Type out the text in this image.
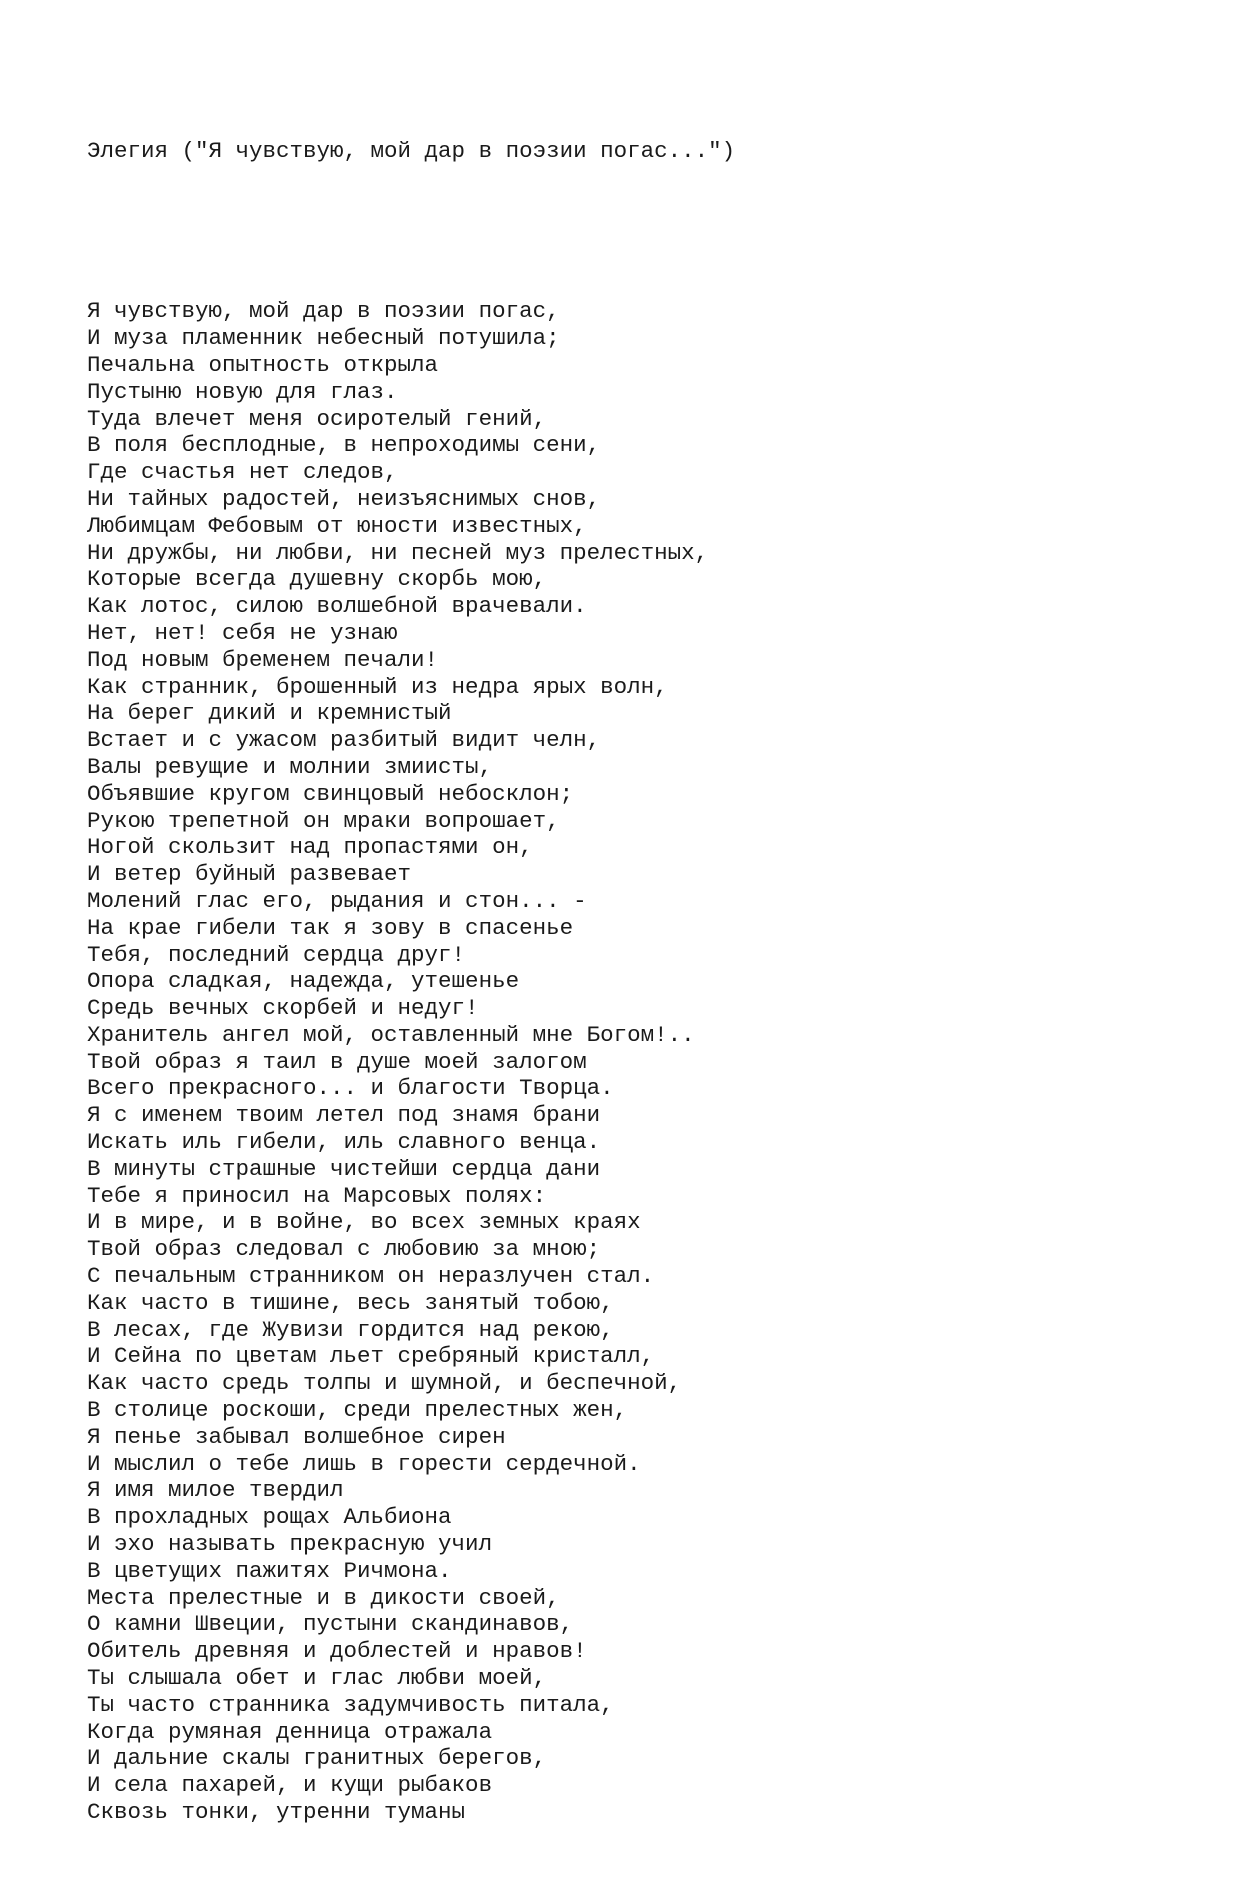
Элегия ("Я чувствую, мой дар в поэзии погас...")

Я чувствую, мой дар в поэзии погас,
И муза пламенник небесный потушила;
Печальна опытность открыла
Пустыню новую для глаз.
Туда влечет меня осиротелый гений,
В поля бесплодные, в непроходимы сени,
Где счастья нет следов,
Ни тайных радостей, неизъяснимых снов,
Любимцам Фебовым от юности известных,
Ни дружбы, ни любви, ни песней муз прелестных,
Которые всегда душевну скорбь мою,
Как лотос, силою волшебной врачевали.
Нет, нет! себя не узнаю
Под новым бременем печали!
Как странник, брошенный из недра ярых волн,
На берег дикий и кремнистый
Встает и с ужасом разбитый видит челн,
Валы ревущие и молнии змиисты,
Объявшие кругом свинцовый небосклон;
Рукою трепетной он мраки вопрошает,
Ногой скользит над пропастями он,
И ветер буйный развевает
Молений глас его, рыдания и стон... -
На крае гибели так я зову в спасенье
Тебя, последний сердца друг!
Опора сладкая, надежда, утешенье
Средь вечных скорбей и недуг!
Хранитель ангел мой, оставленный мне Богом!..
Твой образ я таил в душе моей залогом
Всего прекрасного... и благости Творца.
Я с именем твоим летел под знамя брани
Искать иль гибели, иль славного венца.
В минуты страшные чистейши сердца дани
Тебе я приносил на Марсовых полях:
И в мире, и в войне, во всех земных краях
Твой образ следовал с любовию за мною;
С печальным странником он неразлучен стал.
Как часто в тишине, весь занятый тобою,
В лесах, где Жувизи гордится над рекою,
И Сейна по цветам льет сребряный кристалл,
Как часто средь толпы и шумной, и беспечной,
В столице роскоши, среди прелестных жен,
Я пенье забывал волшебное сирен
И мыслил о тебе лишь в горести сердечной.
Я имя милое твердил
В прохладных рощах Альбиона
И эхо называть прекрасную учил
В цветущих пажитях Ричмона.
Места прелестные и в дикости своей,
О камни Швеции, пустыни скандинавов,
Обитель древняя и доблестей и нравов!
Ты слышала обет и глас любви моей,
Ты часто странника задумчивость питала,
Когда румяная денница отражала
И дальние скалы гранитных берегов,
И села пахарей, и кущи рыбаков
Сквозь тонки, утренни туманы
